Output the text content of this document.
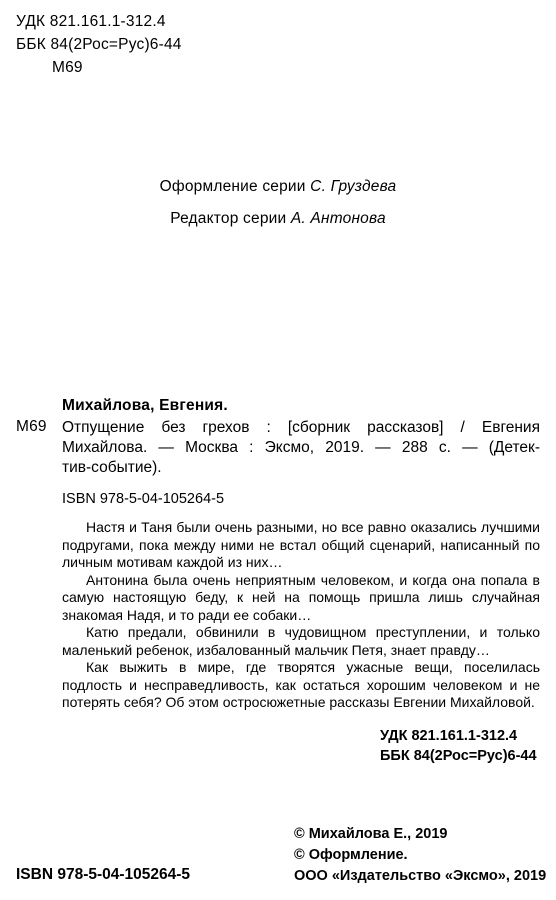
УДК 821.161.1-312.4
ББК 84(2Рос=Рус)6-44
М69
Оформление серии С. Груздева
Редактор серии А. Антонова
Михайлова, Евгения.
М69 Отпущение без грехов : [сборник рассказов] / Евгения
Михайлова. — Москва : Эксмо, 2019. — 288 с. — (Детек-
тив-событие).
ISBN 978-5-04-105264-5

Настя и Таня были очень разными, но все равно оказались лучшими подругами, пока между ними не встал общий сценарий, написанный по личным мотивам каждой из них…

Антонина была очень неприятным человеком, и когда она попала в самую настоящую беду, к ней на помощь пришла лишь случайная знакомая Надя, и то ради ее собаки…

Катю предали, обвинили в чудовищном преступлении, и только маленький ребенок, избалованный мальчик Петя, знает правду…

Как выжить в мире, где творятся ужасные вещи, поселилась подлость и несправедливость, как остаться хорошим человеком и не потерять себя? Об этом остросюжетные рассказы Евгении Михайловой.

УДК 821.161.1-312.4
ББК 84(2Рос=Рус)6-44
© Михайлова Е., 2019
© Оформление.
ООО «Издательство «Эксмо», 2019
ISBN 978-5-04-105264-5
